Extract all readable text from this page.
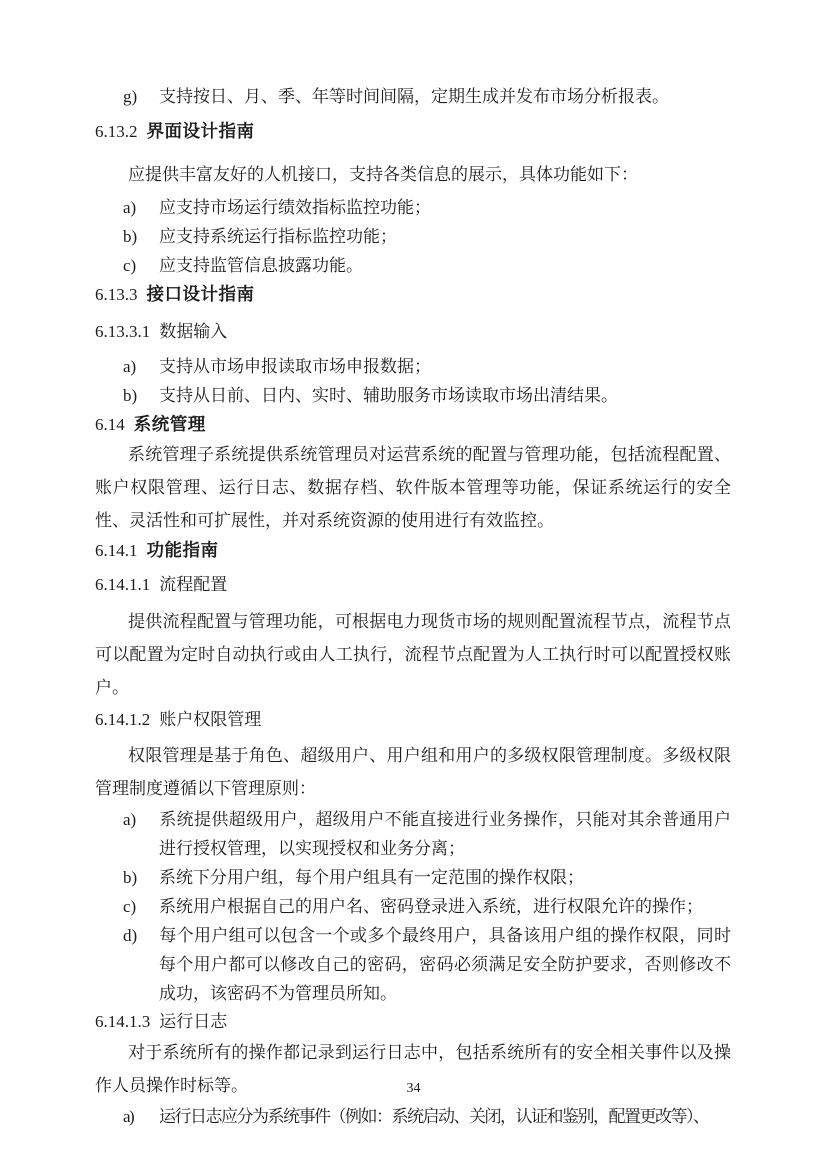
g) 支持按日、月、季、年等时间间隔，定期生成并发布市场分析报表。
6.13.2 界面设计指南

应提供丰富友好的人机接口，支持各类信息的展示，具体功能如下：

a) 应支持市场运行绩效指标监控功能；
b) 应支持系统运行指标监控功能；
c) 应支持监管信息披露功能。
6.13.3 接口设计指南
6.13.3.1 数据输入
a) 支持从市场申报读取市场申报数据；
b) 支持从日前、日内、实时、辅助服务市场读取市场出清结果。
6.14 系统管理

系统管理子系统提供系统管理员对运营系统的配置与管理功能，包括流程配置、账户权限管理、运行日志、数据存档、软件版本管理等功能，保证系统运行的安全性、灵活性和可扩展性，并对系统资源的使用进行有效监控。

6.14.1 功能指南
6.14.1.1 流程配置

提供流程配置与管理功能，可根据电力现货市场的规则配置流程节点，流程节点可以配置为定时自动执行或由人工执行，流程节点配置为人工执行时可以配置授权账户。

6.14.1.2 账户权限管理

权限管理是基于角色、超级用户、用户组和用户的多级权限管理制度。多级权限管理制度遵循以下管理原则：

a) 系统提供超级用户，超级用户不能直接进行业务操作，只能对其余普通用户进行授权管理，以实现授权和业务分离；
b) 系统下分用户组，每个用户组具有一定范围的操作权限；
c) 系统用户根据自己的用户名、密码登录进入系统，进行权限允许的操作；
d) 每个用户组可以包含一个或多个最终用户，具备该用户组的操作权限，同时每个用户都可以修改自己的密码，密码必须满足安全防护要求，否则修改不成功，该密码不为管理员所知。
6.14.1.3 运行日志

对于系统所有的操作都记录到运行日志中，包括系统所有的安全相关事件以及操作人员操作时标等。

a) 运行日志应分为系统事件（例如：系统启动、关闭，认证和鉴别，配置更改等）、
34
